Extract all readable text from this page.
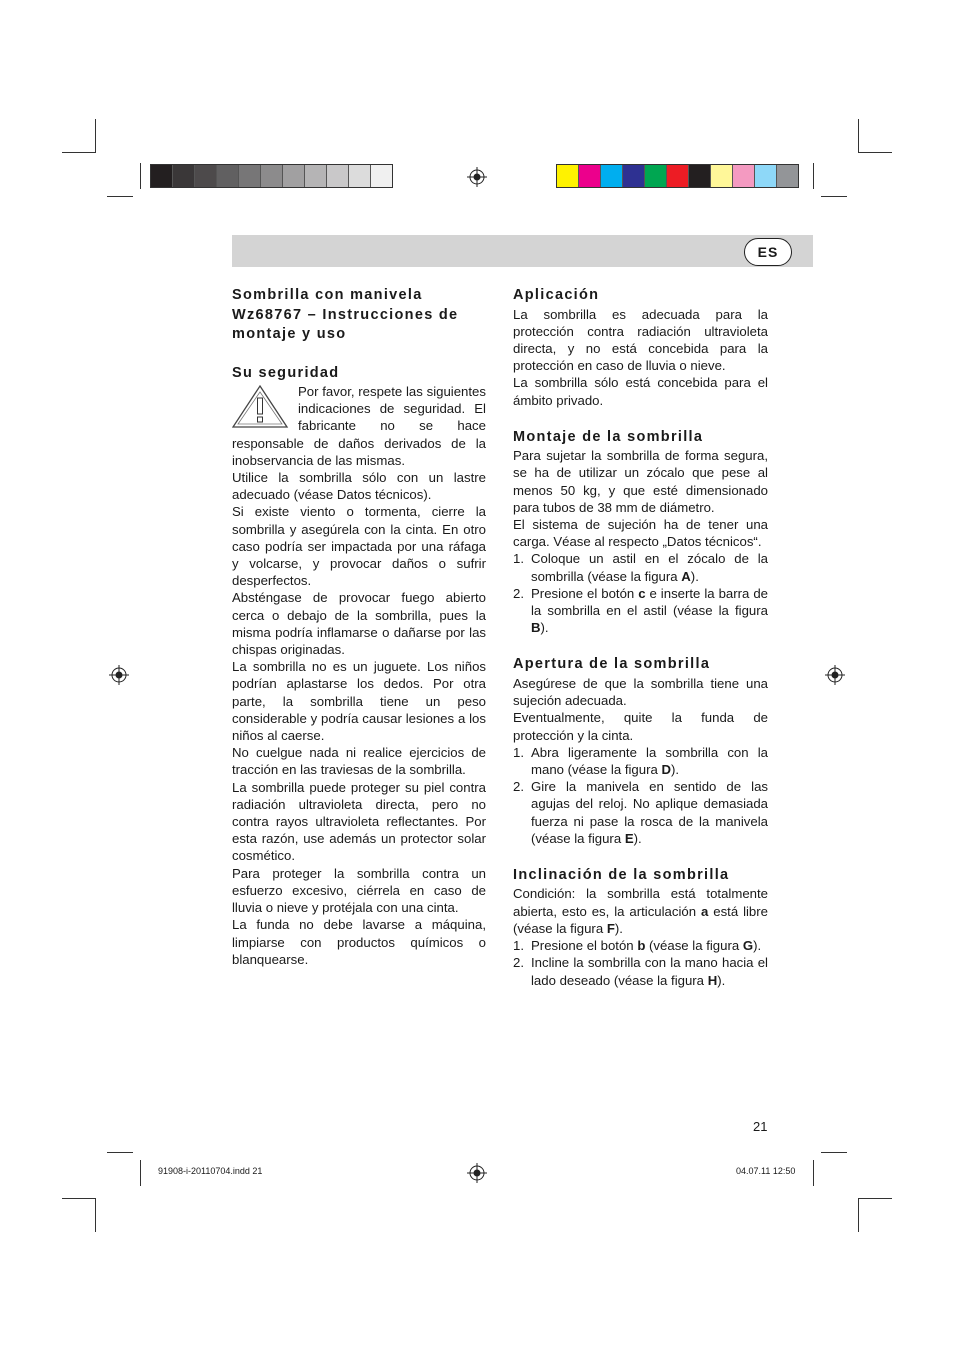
ES
Sombrilla con manivela
Wz68767 – Instrucciones de
montaje y uso
Su seguridad

Por favor, respete las siguientes indicaciones de seguridad. El fabricante no se hace responsable de daños derivados de la inobservancia de las mismas.

Utilice la sombrilla sólo con un lastre adecuado (véase Datos técnicos).

Si existe viento o tormenta, cierre la sombrilla y asegúrela con la cinta. En otro caso podría ser impactada por una ráfaga y volcarse, y provocar daños o sufrir desperfectos.

Absténgase de provocar fuego abierto cerca o debajo de la sombrilla, pues la misma podría inflamarse o dañarse por las chispas originadas.

La sombrilla no es un juguete. Los niños podrían aplastarse los dedos. Por otra parte, la sombrilla tiene un peso considerable y podría causar lesiones a los niños al caerse.

No cuelgue nada ni realice ejercicios de tracción en las traviesas de la sombrilla.

La sombrilla puede proteger su piel contra radiación ultravioleta directa, pero no contra rayos ultravioleta reflectantes. Por esta razón, use además un protector solar cosmético.

Para proteger la sombrilla contra un esfuerzo excesivo, ciérrela en caso de lluvia o nieve y protéjala con una cinta.

La funda no debe lavarse a máquina, limpiarse con productos químicos o blanquearse.

Aplicación

La sombrilla es adecuada para la protección contra radiación ultravioleta directa, y no está concebida para la protección en caso de lluvia o nieve.

La sombrilla sólo está concebida para el ámbito privado.

Montaje de la sombrilla

Para sujetar la sombrilla de forma segura, se ha de utilizar un zócalo que pese al menos 50 kg, y que esté dimensionado para tubos de 38 mm de diámetro.

El sistema de sujeción ha de tener una carga. Véase al respecto „Datos técnicos“.

1. Coloque un astil en el zócalo de la sombrilla (véase la figura A).
2. Presione el botón c e inserte la barra de la sombrilla en el astil (véase la figura B).
Apertura de la sombrilla

Asegúrese de que la sombrilla tiene una sujeción adecuada.

Eventualmente, quite la funda de protección y la cinta.

1. Abra ligeramente la sombrilla con la mano (véase la figura D).
2. Gire la manivela en sentido de las agujas del reloj. No aplique demasiada fuerza ni pase la rosca de la manivela (véase la figura E).
Inclinación de la sombrilla

Condición: la sombrilla está totalmente abierta, esto es, la articulación a está libre (véase la figura F).

1. Presione el botón b (véase la figura G).
2. Incline la sombrilla con la mano hacia el lado deseado (véase la figura H).
21
91908-i-20110704.indd 21	04.07.11 12:50
